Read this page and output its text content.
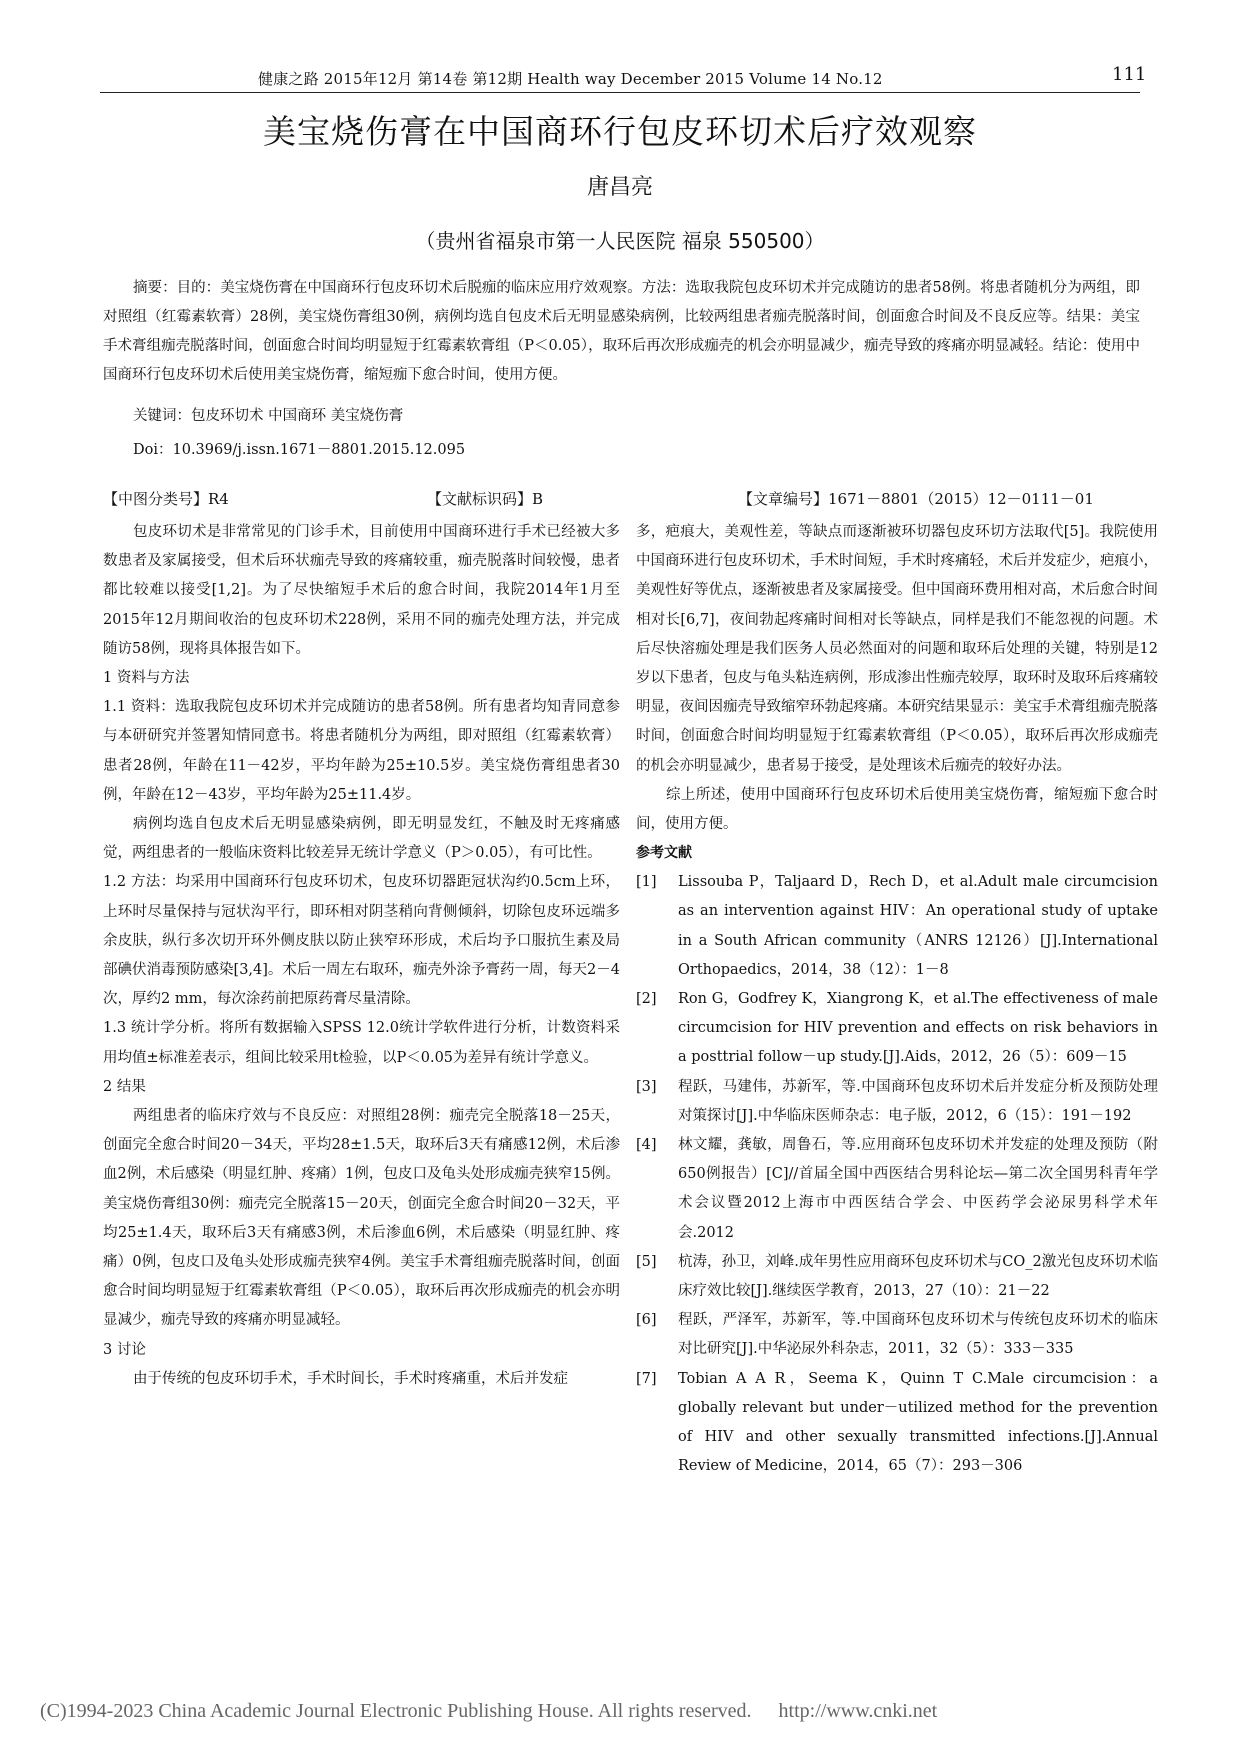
健康之路 2015年12月 第14卷 第12期 Health way December 2015 Volume 14 No.12	111
美宝烧伤膏在中国商环行包皮环切术后疗效观察
唐昌亮
（贵州省福泉市第一人民医院 福泉 550500）

摘要：目的：美宝烧伤膏在中国商环行包皮环切术后脱痂的临床应用疗效观察。方法：选取我院包皮环切术并完成随访的患者58例。将患者随机分为两组，即对照组（红霉素软膏）28例，美宝烧伤膏组30例，病例均选自包皮术后无明显感染病例，比较两组患者痂壳脱落时间，创面愈合时间及不良反应等。结果：美宝手术膏组痂壳脱落时间，创面愈合时间均明显短于红霉素软膏组（P＜0.05），取环后再次形成痂壳的机会亦明显减少，痂壳导致的疼痛亦明显减轻。结论：使用中国商环行包皮环切术后使用美宝烧伤膏，缩短痂下愈合时间，使用方便。

关键词：包皮环切术 中国商环 美宝烧伤膏
Doi：10.3969/j.issn.1671－8801.2015.12.095
【中图分类号】R4	【文献标识码】B	【文章编号】1671－8801（2015）12－0111－01

包皮环切术是非常常见的门诊手术，目前使用中国商环进行手术已经被大多数患者及家属接受，但术后环状痂壳导致的疼痛较重，痂壳脱落时间较慢，患者都比较难以接受[1,2]。为了尽快缩短手术后的愈合时间，我院2014年1月至2015年12月期间收治的包皮环切术228例，采用不同的痂壳处理方法，并完成随访58例，现将具体报告如下。

1 资料与方法

1.1 资料：选取我院包皮环切术并完成随访的患者58例。所有患者均知青同意参与本研研究并签署知情同意书。将患者随机分为两组，即对照组（红霉素软膏）患者28例，年龄在11－42岁，平均年龄为25±10.5岁。美宝烧伤膏组患者30例，年龄在12－43岁，平均年龄为25±11.4岁。

病例均选自包皮术后无明显感染病例，即无明显发红，不触及时无疼痛感觉，两组患者的一般临床资料比较差异无统计学意义（P＞0.05），有可比性。

1.2 方法：均采用中国商环行包皮环切术，包皮环切器距冠状沟约0.5cm上环，上环时尽量保持与冠状沟平行，即环相对阴茎稍向背侧倾斜，切除包皮环远端多余皮肤，纵行多次切开环外侧皮肤以防止狭窄环形成，术后均予口服抗生素及局部碘伏消毒预防感染[3,4]。术后一周左右取环，痂壳外涂予膏药一周，每天2－4次，厚约2 mm，每次涂药前把原药膏尽量清除。

1.3 统计学分析。将所有数据输入SPSS 12.0统计学软件进行分析，计数资料采用均值±标准差表示，组间比较采用t检验，以P＜0.05为差异有统计学意义。

2 结果

两组患者的临床疗效与不良反应：对照组28例：痂壳完全脱落18－25天，创面完全愈合时间20－34天，平均28±1.5天，取环后3天有痛感12例，术后渗血2例，术后感染（明显红肿、疼痛）1例，包皮口及龟头处形成痂壳狭窄15例。美宝烧伤膏组30例：痂壳完全脱落15－20天，创面完全愈合时间20－32天，平均25±1.4天，取环后3天有痛感3例，术后渗血6例，术后感染（明显红肿、疼痛）0例，包皮口及龟头处形成痂壳狭窄4例。美宝手术膏组痂壳脱落时间，创面愈合时间均明显短于红霉素软膏组（P＜0.05），取环后再次形成痂壳的机会亦明显减少，痂壳导致的疼痛亦明显减轻。

3 讨论

由于传统的包皮环切手术，手术时间长，手术时疼痛重，术后并发症

多，疤痕大，美观性差，等缺点而逐渐被环切器包皮环切方法取代[5]。我院使用中国商环进行包皮环切术，手术时间短，手术时疼痛轻，术后并发症少，疤痕小，美观性好等优点，逐渐被患者及家属接受。但中国商环费用相对高，术后愈合时间相对长[6,7]，夜间勃起疼痛时间相对长等缺点，同样是我们不能忽视的问题。术后尽快溶痂处理是我们医务人员必然面对的问题和取环后处理的关键，特别是12岁以下患者，包皮与龟头粘连病例，形成渗出性痂壳较厚，取环时及取环后疼痛较明显，夜间因痂壳导致缩窄环勃起疼痛。本研究结果显示：美宝手术膏组痂壳脱落时间，创面愈合时间均明显短于红霉素软膏组（P＜0.05），取环后再次形成痂壳的机会亦明显减少，患者易于接受，是处理该术后痂壳的较好办法。

综上所述，使用中国商环行包皮环切术后使用美宝烧伤膏，缩短痂下愈合时间，使用方便。

参考文献

[1]	Lissouba P，Taljaard D，Rech D，et al.Adult male circumcision as an intervention against HIV：An operational study of uptake in a South African community（ANRS 12126）[J].International Orthopaedics，2014，38（12）：1－8
[2]	Ron G，Godfrey K，Xiangrong K，et al.The effectiveness of male circumcision for HIV prevention and effects on risk behaviors in a posttrial follow－up study.[J].Aids，2012，26（5）：609－15
[3]	程跃，马建伟，苏新军，等.中国商环包皮环切术后并发症分析及预防处理对策探讨[J].中华临床医师杂志：电子版，2012，6（15）：191－192
[4]	林文耀，龚敏，周鲁石，等.应用商环包皮环切术并发症的处理及预防（附650例报告）[C]//首届全国中西医结合男科论坛—第二次全国男科青年学术会议暨2012上海市中西医结合学会、中医药学会泌尿男科学术年会.2012
[5]	杭涛，孙卫，刘峰.成年男性应用商环包皮环切术与CO_2激光包皮环切术临床疗效比较[J].继续医学教育，2013，27（10）：21－22
[6]	程跃，严泽军，苏新军，等.中国商环包皮环切术与传统包皮环切术的临床对比研究[J].中华泌尿外科杂志，2011，32（5）：333－335
[7]	Tobian A A R，Seema K，Quinn T C.Male circumcision：a globally relevant but under－utilized method for the prevention of HIV and other sexually transmitted infections.[J].Annual Review of Medicine，2014，65（7）：293－306
(C)1994-2023 China Academic Journal Electronic Publishing House. All rights reserved. http://www.cnki.net
